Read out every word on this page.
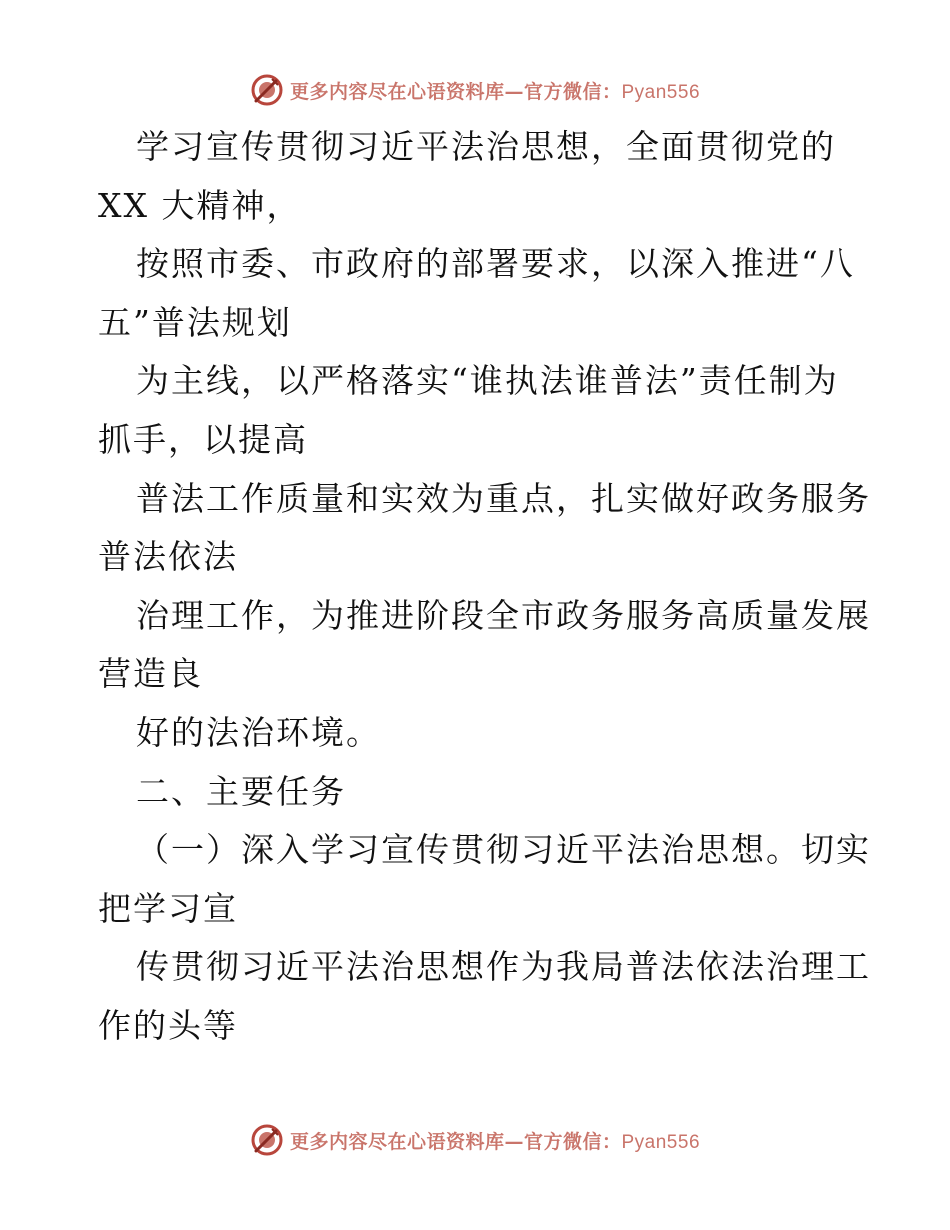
更多内容尽在心语资料库—官方微信：Pyan556
学习宣传贯彻习近平法治思想，全面贯彻党的
XX 大精神，
按照市委、市政府的部署要求，以深入推进“八
五”普法规划
为主线，以严格落实“谁执法谁普法”责任制为
抓手，以提高
普法工作质量和实效为重点，扎实做好政务服务
普法依法
治理工作，为推进阶段全市政务服务高质量发展
营造良
好的法治环境。
二、主要任务
（一）深入学习宣传贯彻习近平法治思想。切实
把学习宣
传贯彻习近平法治思想作为我局普法依法治理工
作的头等
更多内容尽在心语资料库—官方微信：Pyan556
